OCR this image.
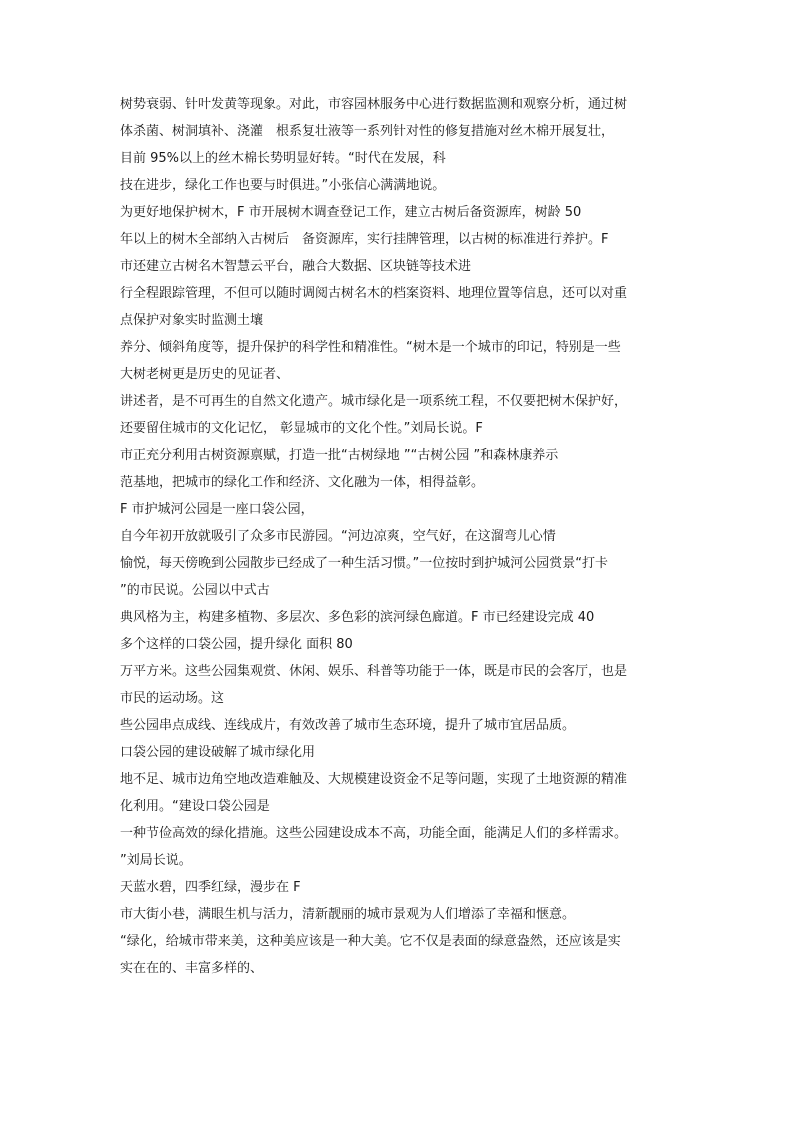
树势衰弱、针叶发黄等现象。对此，市容园林服务中心进行数据监测和观察分析，通过树
体杀菌、树洞填补、浇灌　根系复壮液等一系列针对性的修复措施对丝木棉开展复壮，
目前 95%以上的丝木棉长势明显好转。“时代在发展，科
技在进步，绿化工作也要与时俱进。”小张信心满满地说。
为更好地保护树木，F 市开展树木调查登记工作，建立古树后备资源库，树龄 50
年以上的树木全部纳入古树后　备资源库，实行挂牌管理，以古树的标准进行养护。F
市还建立古树名木智慧云平台，融合大数据、区块链等技术进
行全程跟踪管理，不但可以随时调阅古树名木的档案资料、地理位置等信息，还可以对重
点保护对象实时监测土壤
养分、倾斜角度等，提升保护的科学性和精准性。“树木是一个城市的印记，特别是一些
大树老树更是历史的见证者、
讲述者，是不可再生的自然文化遗产。城市绿化是一项系统工程，不仅要把树木保护好，
还要留住城市的文化记忆， 彰显城市的文化个性。”刘局长说。F
市正充分利用古树资源禀赋，打造一批“古树绿地 ”“古树公园 ”和森林康养示
范基地，把城市的绿化工作和经济、文化融为一体，相得益彰。
F 市护城河公园是一座口袋公园，
自今年初开放就吸引了众多市民游园。“河边凉爽，空气好，在这溜弯儿心情
愉悦，每天傍晚到公园散步已经成了一种生活习惯。”一位按时到护城河公园赏景“打卡
”的市民说。公园以中式古
典风格为主，构建多植物、多层次、多色彩的滨河绿色廊道。F 市已经建设完成 40
多个这样的口袋公园，提升绿化 面积 80
万平方米。这些公园集观赏、休闲、娱乐、科普等功能于一体，既是市民的会客厅，也是
市民的运动场。这
些公园串点成线、连线成片，有效改善了城市生态环境，提升了城市宜居品质。
口袋公园的建设破解了城市绿化用
地不足、城市边角空地改造难触及、大规模建设资金不足等问题，实现了土地资源的精准
化利用。“建设口袋公园是
一种节俭高效的绿化措施。这些公园建设成本不高，功能全面，能满足人们的多样需求。
”刘局长说。
天蓝水碧，四季红绿，漫步在 F
市大街小巷，满眼生机与活力，清新靓丽的城市景观为人们增添了幸福和惬意。
“绿化，给城市带来美，这种美应该是一种大美。它不仅是表面的绿意盎然，还应该是实
实在在的、丰富多样的、
